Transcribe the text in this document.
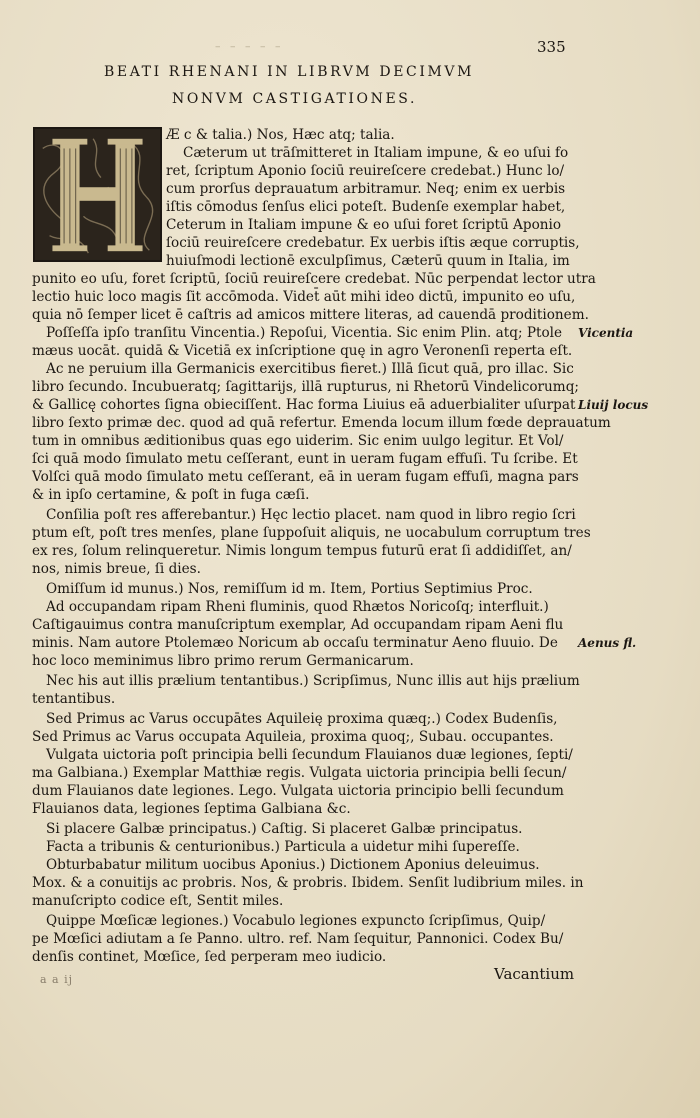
– – – – –	335
BEATI RHENANI IN LIBRVM DECIMVM
NONVM CASTIGATIONES.
Æ c & talia.) Nos, Hæc atq; talia.
Cæterum ut trāſmitteret in Italiam impune, & eo uſui fo
ret, ſcriptum Aponio ſociū reuireſcere credebat.) Hunc lo/
cum prorſus deprauatum arbitramur. Neq; enim ex uerbis
iſtis cōmodus ſenſus elici poteſt. Budenſe exemplar habet,
Ceterum in Italiam impune & eo uſui foret ſcriptū Aponio
ſociū reuireſcere credebatur. Ex uerbis iſtis æque corruptis,
huiuſmodi lectionē exculpſimus, Cæterū quum in Italia, im
punito eo uſu, foret ſcriptū, ſociū reuireſcere credebat. Nūc perpendat lector utra
lectio huic loco magis ſit accōmoda. Videt̄ aūt mihi ideo dictū, impunito eo uſu,
quia nō ſemper licet ē caſtris ad amicos mittere literas, ad cauendā proditionem.
Poſſeſſa ipſo tranſitu Vincentia.) Repoſui, Vicentia. Sic enim Plin. atq; Ptole
mæus uocāt. quidā & Vicetiā ex inſcriptione quę in agro Veronenſi reperta eſt.
Ac ne peruium illa Germanicis exercitibus fieret.) Illā ſicut quā, pro illac. Sic
libro ſecundo. Incubueratq; ſagittarijs, illā rupturus, ni Rhetorū Vindelicorumq;
& Gallicę cohortes ſigna obieciſſent. Hac forma Liuius eā aduerbialiter uſurpat
libro ſexto primæ dec. quod ad quā refertur. Emenda locum illum fœde deprauatum
tum in omnibus æditionibus quas ego uiderim. Sic enim uulgo legitur. Et Vol/
ſci quā modo ſimulato metu ceſſerant, eunt in ueram fugam effuſi. Tu ſcribe. Et
Volſci quā modo ſimulato metu ceſſerant, eā in ueram fugam effuſi, magna pars
& in ipſo certamine, & poſt in fuga cæſi.
Conſilia poſt res afferebantur.) Hęc lectio placet. nam quod in libro regio ſcri
ptum eſt, poſt tres menſes, plane ſuppoſuit aliquis, ne uocabulum corruptum tres
ex res, ſolum relinqueretur. Nimis longum tempus futurū erat ſi addidiſſet, an/
nos, nimis breue, ſi dies.
Omiſſum id munus.) Nos, remiſſum id m. Item, Portius Septimius Proc.
Ad occupandam ripam Rheni fluminis, quod Rhætos Noricoſq; interfluit.)
Caſtigauimus contra manuſcriptum exemplar, Ad occupandam ripam Aeni flu
minis. Nam autore Ptolemæo Noricum ab occaſu terminatur Aeno fluuio. De
hoc loco meminimus libro primo rerum Germanicarum.
Nec his aut illis prælium tentantibus.) Scripſimus, Nunc illis aut hijs prælium
tentantibus.
Sed Primus ac Varus occupātes Aquileię proxima quæq;.) Codex Budenſis,
Sed Primus ac Varus occupata Aquileia, proxima quoq;, Subau. occupantes.
Vulgata uictoria poſt principia belli ſecundum Flauianos duæ legiones, ſepti/
ma Galbiana.) Exemplar Matthiæ regis. Vulgata uictoria principia belli ſecun/
dum Flauianos date legiones. Lego. Vulgata uictoria principio belli ſecundum
Flauianos data, legiones ſeptima Galbiana &c.
Si placere Galbæ principatus.) Caſtig. Si placeret Galbæ principatus.
Facta a tribunis & centurionibus.) Particula a uidetur mihi ſupereſſe.
Obturbabatur militum uocibus Aponius.) Dictionem Aponius deleuimus.
Mox. & a conuitijs ac probris. Nos, & probris. Ibidem. Senſit ludibrium miles. in
manuſcripto codice eſt, Sentit miles.
Quippe Mœſicæ legiones.) Vocabulo legiones expuncto ſcripſimus, Quip/
pe Mœſici adiutam a ſe Panno. ultro. ref. Nam ſequitur, Pannonici. Codex Bu/
denſis continet, Mœſice, ſed perperam meo iudicio.
Vicentia
Liuij locus
Aenus fl.
a a ij	Vacantium
